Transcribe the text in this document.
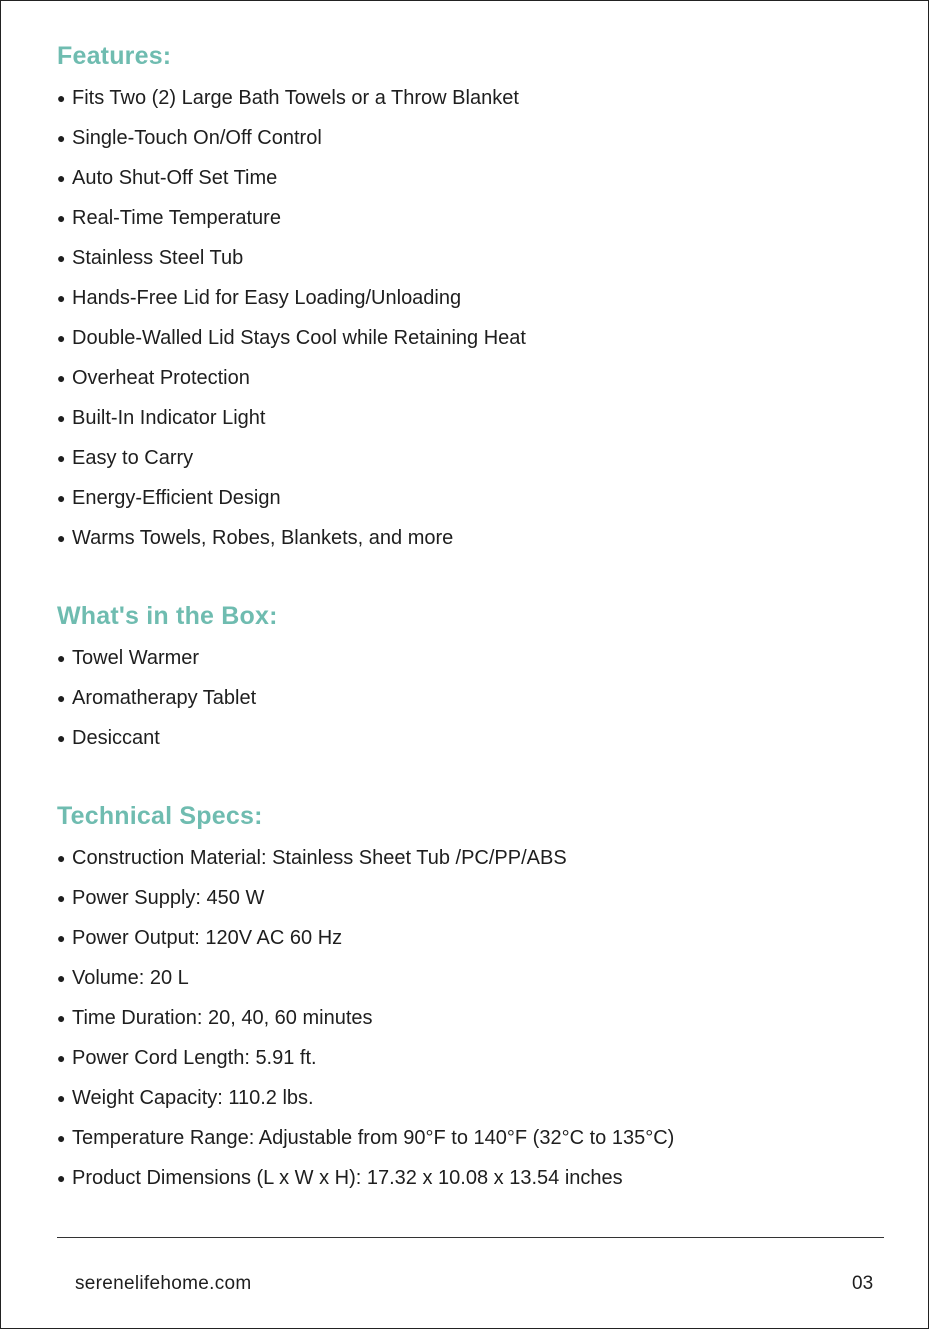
Features:
● Fits Two (2) Large Bath Towels or a Throw Blanket
● Single-Touch On/Off Control
● Auto Shut-Off Set Time
● Real-Time Temperature
● Stainless Steel Tub
● Hands-Free Lid for Easy Loading/Unloading
● Double-Walled Lid Stays Cool while Retaining Heat
● Overheat Protection
● Built-In Indicator Light
● Easy to Carry
● Energy-Efficient Design
● Warms Towels, Robes, Blankets, and more
What's in the Box:
● Towel Warmer
● Aromatherapy Tablet
● Desiccant
Technical Specs:
● Construction Material: Stainless Sheet Tub /PC/PP/ABS
● Power Supply: 450 W
● Power Output: 120V AC 60 Hz
● Volume: 20 L
● Time Duration: 20, 40, 60 minutes
● Power Cord Length: 5.91 ft.
● Weight Capacity: 110.2 lbs.
● Temperature Range: Adjustable from 90°F to 140°F (32°C to 135°C)
● Product Dimensions (L x W x H): 17.32 x 10.08 x 13.54 inches
serenelifehome.com	03
